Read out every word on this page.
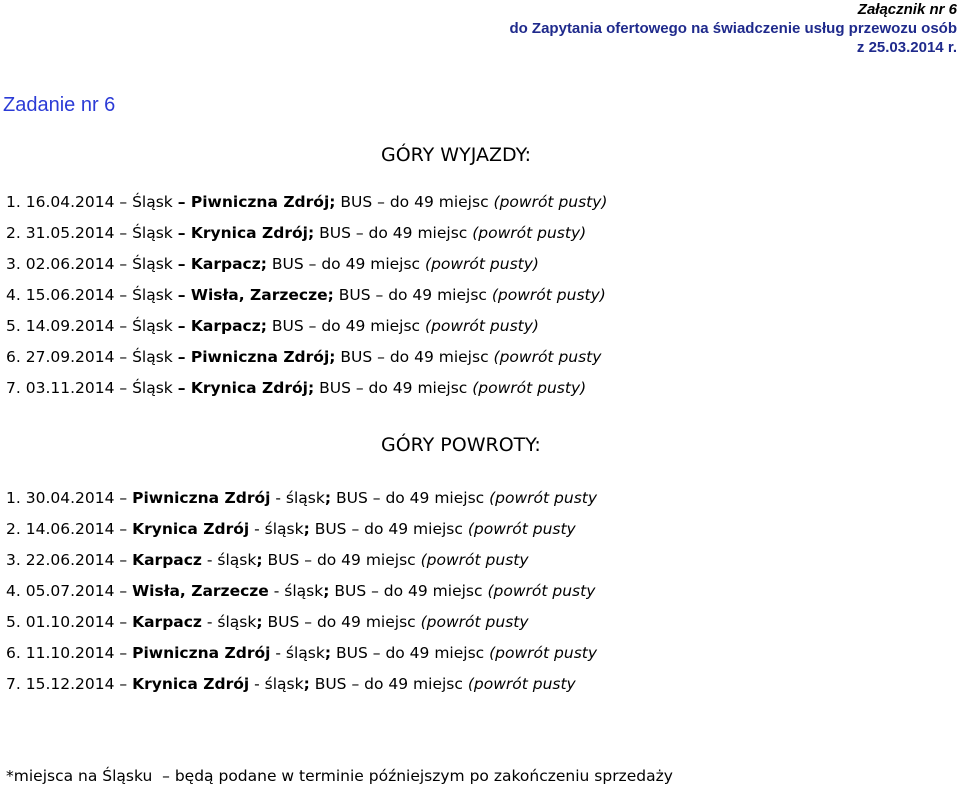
Załącznik nr 6
do Zapytania ofertowego na świadczenie usług przewozu osób
z 25.03.2014 r.
Zadanie nr 6
GÓRY WYJAZDY:
1. 16.04.2014 – Śląsk – Piwniczna Zdrój; BUS – do 49 miejsc (powrót pusty)
2. 31.05.2014 – Śląsk – Krynica Zdrój; BUS – do 49 miejsc (powrót pusty)
3. 02.06.2014 – Śląsk – Karpacz; BUS – do 49 miejsc (powrót pusty)
4. 15.06.2014 – Śląsk – Wisła, Zarzecze; BUS – do 49 miejsc (powrót pusty)
5. 14.09.2014 – Śląsk – Karpacz; BUS – do 49 miejsc (powrót pusty)
6. 27.09.2014 – Śląsk – Piwniczna Zdrój; BUS – do 49 miejsc (powrót pusty
7. 03.11.2014 – Śląsk – Krynica Zdrój; BUS – do 49 miejsc (powrót pusty)
GÓRY POWROTY:
1. 30.04.2014 – Piwniczna Zdrój - śląsk; BUS – do 49 miejsc (powrót pusty
2. 14.06.2014 – Krynica Zdrój - śląsk; BUS – do 49 miejsc (powrót pusty
3. 22.06.2014 – Karpacz - śląsk; BUS – do 49 miejsc (powrót pusty
4. 05.07.2014 – Wisła, Zarzecze - śląsk; BUS – do 49 miejsc (powrót pusty
5. 01.10.2014 – Karpacz - śląsk; BUS – do 49 miejsc (powrót pusty
6. 11.10.2014 – Piwniczna Zdrój - śląsk; BUS – do 49 miejsc (powrót pusty
7. 15.12.2014 – Krynica Zdrój - śląsk; BUS – do 49 miejsc (powrót pusty
*miejsca na Śląsku  – będą podane w terminie późniejszym po zakończeniu sprzedaży
